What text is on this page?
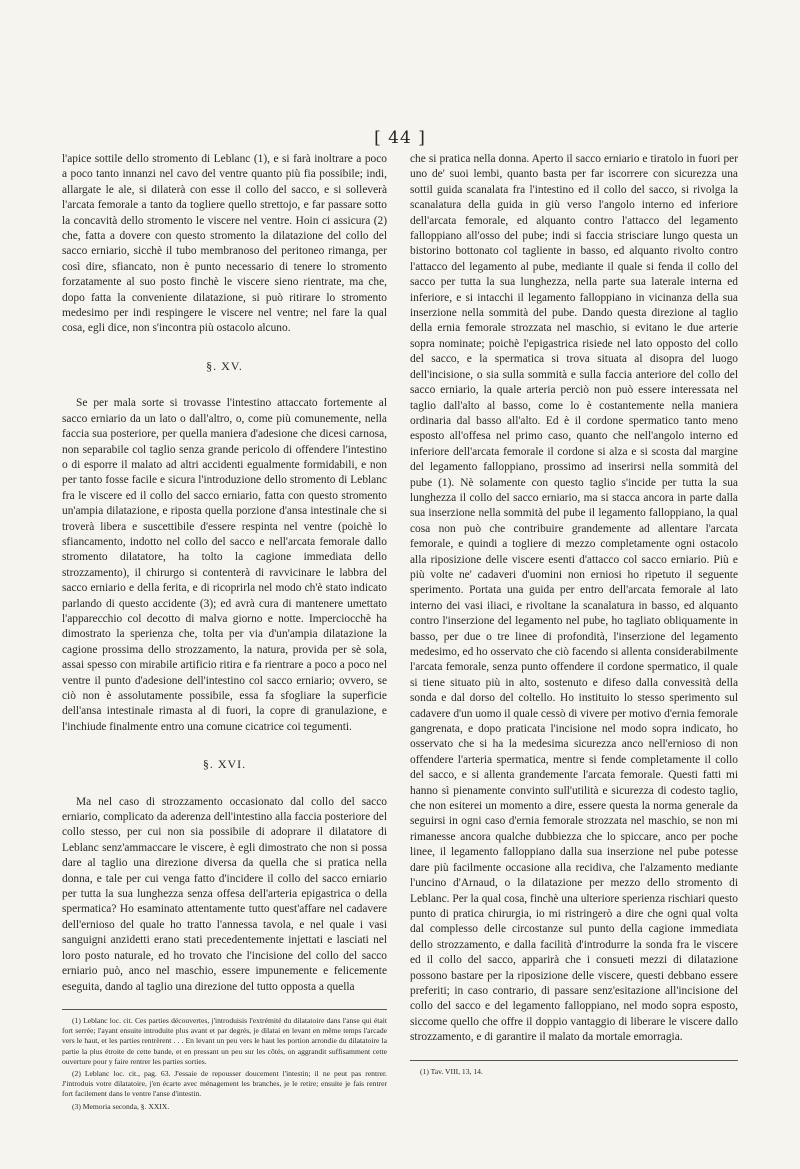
[ 44 ]

l'apice sottile dello stromento di Leblanc (1), e si farà inoltrare a poco a poco tanto innanzi nel cavo del ventre quanto più fia possibile; indi, allargate le ale, si dilaterà con esse il collo del sacco, e si solleverà l'arcata femorale a tanto da togliere quello strettojo, e far passare sotto la concavità dello stromento le viscere nel ventre. Hoin ci assicura (2) che, fatta a dovere con questo stromento la dilatazione del collo del sacco erniario, sicchè il tubo membranoso del peritoneo rimanga, per così dire, sfiancato, non è punto necessario di tenere lo stromento forzatamente al suo posto finchè le viscere sieno rientrate, ma che, dopo fatta la conveniente dilatazione, si può ritirare lo stromento medesimo per indi respingere le viscere nel ventre; nel fare la qual cosa, egli dice, non s'incontra più ostacolo alcuno.

§. XV.

Se per mala sorte si trovasse l'intestino attaccato fortemente al sacco erniario da un lato o dall'altro, o, come più comunemente, nella faccia sua posteriore, per quella maniera d'adesione che dicesi carnosa, non separabile col taglio senza grande pericolo di offendere l'intestino o di esporre il malato ad altri accidenti egualmente formidabili, e non per tanto fosse facile e sicura l'introduzione dello stromento di Leblanc fra le viscere ed il collo del sacco erniario, fatta con questo stromento un'ampia dilatazione, e riposta quella porzione d'ansa intestinale che si troverà libera e suscettibile d'essere respinta nel ventre (poichè lo sfiancamento, indotto nel collo del sacco e nell'arcata femorale dallo stromento dilatatore, ha tolto la cagione immediata dello strozzamento), il chirurgo si contenterà di ravvicinare le labbra del sacco erniario e della ferita, e di ricoprirla nel modo ch'è stato indicato parlando di questo accidente (3); ed avrà cura di mantenere umettato l'apparecchio col decotto di malva giorno e notte. Imperciocchè ha dimostrato la sperienza che, tolta per via d'un'ampia dilatazione la cagione prossima dello strozzamento, la natura, provida per sè sola, assai spesso con mirabile artificio ritira e fa rientrare a poco a poco nel ventre il punto d'adesione dell'intestino col sacco erniario; ovvero, se ciò non è assolutamente possibile, essa fa sfogliare la superficie dell'ansa intestinale rimasta al di fuori, la copre di granulazione, e l'inchiude finalmente entro una comune cicatrice coi tegumenti.

§. XVI.

Ma nel caso di strozzamento occasionato dal collo del sacco erniario, complicato da aderenza dell'intestino alla faccia posteriore del collo stesso, per cui non sia possibile di adoprare il dilatatore di Leblanc senz'ammaccare le viscere, è egli dimostrato che non si possa dare al taglio una direzione diversa da quella che si pratica nella donna, e tale per cui venga fatto d'incidere il collo del sacco erniario per tutta la sua lunghezza senza offesa dell'arteria epigastrica o della spermatica? Ho esaminato attentamente tutto quest'affare nel cadavere dell'ernioso del quale ho tratto l'annessa tavola, e nel quale i vasi sanguigni anzidetti erano stati precedentemente injettati e lasciati nel loro posto naturale, ed ho trovato che l'incisione del collo del sacco erniario può, anco nel maschio, essere impunemente e felicemente eseguita, dando al taglio una direzione del tutto opposta a quella

(1) Leblanc loc. cit. Ces parties découvertes, j'introduisis l'extrémité du dilatatoire dans l'anse qui était fort serrée; l'ayant ensuite introduite plus avant et par degrés, je dilatai en levant en même temps l'arcade vers le haut, et les parties rentrèrent . . . En levant un peu vers le haut les portion arrondie du dilatatoire la partie la plus étroite de cette bande, et en pressant un peu sur les côtés, on aggrandit suffisamment cette ouverture pour y faire rentrer les parties sorties.

(2) Leblanc loc. cit., pag. 63. J'essaie de repousser doucement l'intestin; il ne peut pas rentrer. J'introduis votre dilatatoire, j'en écarte avec ménagement les branches, je le retire; ensuite je fais rentrer fort facilement dans le ventre l'anse d'intestin.

(3) Memoria seconda, §. XXIX.

che si pratica nella donna. Aperto il sacco erniario e tiratolo in fuori per uno de' suoi lembi, quanto basta per far iscorrere con sicurezza una sottil guida scanalata fra l'intestino ed il collo del sacco, si rivolga la scanalatura della guida in giù verso l'angolo interno ed inferiore dell'arcata femorale, ed alquanto contro l'attacco del legamento falloppiano all'osso del pube; indi si faccia strisciare lungo questa un bistorino bottonato col tagliente in basso, ed alquanto rivolto contro l'attacco del legamento al pube, mediante il quale si fenda il collo del sacco per tutta la sua lunghezza, nella parte sua laterale interna ed inferiore, e si intacchi il legamento falloppiano in vicinanza della sua inserzione nella sommità del pube. Dando questa direzione al taglio della ernia femorale strozzata nel maschio, si evitano le due arterie sopra nominate; poichè l'epigastrica risiede nel lato opposto del collo del sacco, e la spermatica si trova situata al disopra del luogo dell'incisione, o sia sulla sommità e sulla faccia anteriore del collo del sacco erniario, la quale arteria perciò non può essere interessata nel taglio dall'alto al basso, come lo è costantemente nella maniera ordinaria dal basso all'alto. Ed è il cordone spermatico tanto meno esposto all'offesa nel primo caso, quanto che nell'angolo interno ed inferiore dell'arcata femorale il cordone si alza e si scosta dal margine del legamento falloppiano, prossimo ad inserirsi nella sommità del pube (1). Nè solamente con questo taglio s'incide per tutta la sua lunghezza il collo del sacco erniario, ma si stacca ancora in parte dalla sua inserzione nella sommità del pube il legamento falloppiano, la qual cosa non può che contribuire grandemente ad allentare l'arcata femorale, e quindi a togliere di mezzo completamente ogni ostacolo alla riposizione delle viscere esenti d'attacco col sacco erniario. Più e più volte ne' cadaveri d'uomini non erniosi ho ripetuto il seguente sperimento. Portata una guida per entro dell'arcata femorale al lato interno dei vasi iliaci, e rivoltane la scanalatura in basso, ed alquanto contro l'inserzione del legamento nel pube, ho tagliato obliquamente in basso, per due o tre linee di profondità, l'inserzione del legamento medesimo, ed ho osservato che ciò facendo si allenta considerabilmente l'arcata femorale, senza punto offendere il cordone spermatico, il quale si tiene situato più in alto, sostenuto e difeso dalla convessità della sonda e dal dorso del coltello. Ho instituito lo stesso sperimento sul cadavere d'un uomo il quale cessò di vivere per motivo d'ernia femorale gangrenata, e dopo praticata l'incisione nel modo sopra indicato, ho osservato che si ha la medesima sicurezza anco nell'ernioso di non offendere l'arteria spermatica, mentre si fende completamente il collo del sacco, e si allenta grandemente l'arcata femorale. Questi fatti mi hanno sì pienamente convinto sull'utilità e sicurezza di codesto taglio, che non esiterei un momento a dire, essere questa la norma generale da seguirsi in ogni caso d'ernia femorale strozzata nel maschio, se non mi rimanesse ancora qualche dubbiezza che lo spiccare, anco per poche linee, il legamento falloppiano dalla sua inserzione nel pube potesse dare più facilmente occasione alla recidiva, che l'alzamento mediante l'uncino d'Arnaud, o la dilatazione per mezzo dello stromento di Leblanc. Per la qual cosa, finchè una ulteriore sperienza rischiari questo punto di pratica chirurgia, io mi ristringerò a dire che ogni qual volta dal complesso delle circostanze sul punto della cagione immediata dello strozzamento, e dalla facilità d'introdurre la sonda fra le viscere ed il collo del sacco, apparirà che i consueti mezzi di dilatazione possono bastare per la riposizione delle viscere, questi debbano essere preferiti; in caso contrario, di passare senz'esitazione all'incisione del collo del sacco e del legamento falloppiano, nel modo sopra esposto, siccome quello che offre il doppio vantaggio di liberare le viscere dallo strozzamento, e di garantire il malato da mortale emorragia.

(1) Tav. VIII, 13, 14.
